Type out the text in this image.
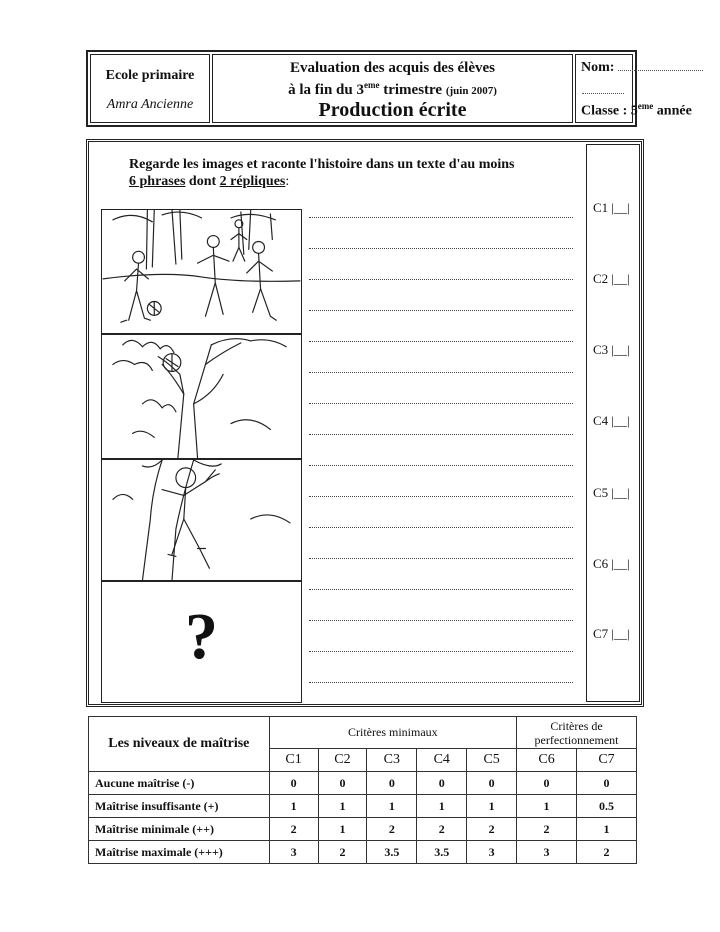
Ecole primaire
Amra Ancienne
Evaluation des acquis des élèves
à la fin du 3eme trimestre (juin 2007)
Production écrite
Nom:
Classe : 5eme année
Regarde les images et raconte l'histoire dans un texte d'au moins
6 phrases dont 2 répliques:
?
C1 |__|
C2 |__|
C3 |__|
C4 |__|
C5 |__|
C6 |__|
C7 |__|
Les niveaux de maîtrise	Critères minimaux					Critères de perfectionnement	
	C1	C2	C3	C4	C5	C6	C7
Aucune maîtrise (-)	0	0	0	0	0	0	0
Maîtrise insuffisante (+)	1	1	1	1	1	1	0.5
Maîtrise minimale (++)	2	1	2	2	2	2	1
Maîtrise maximale (+++)	3	2	3.5	3.5	3	3	2
